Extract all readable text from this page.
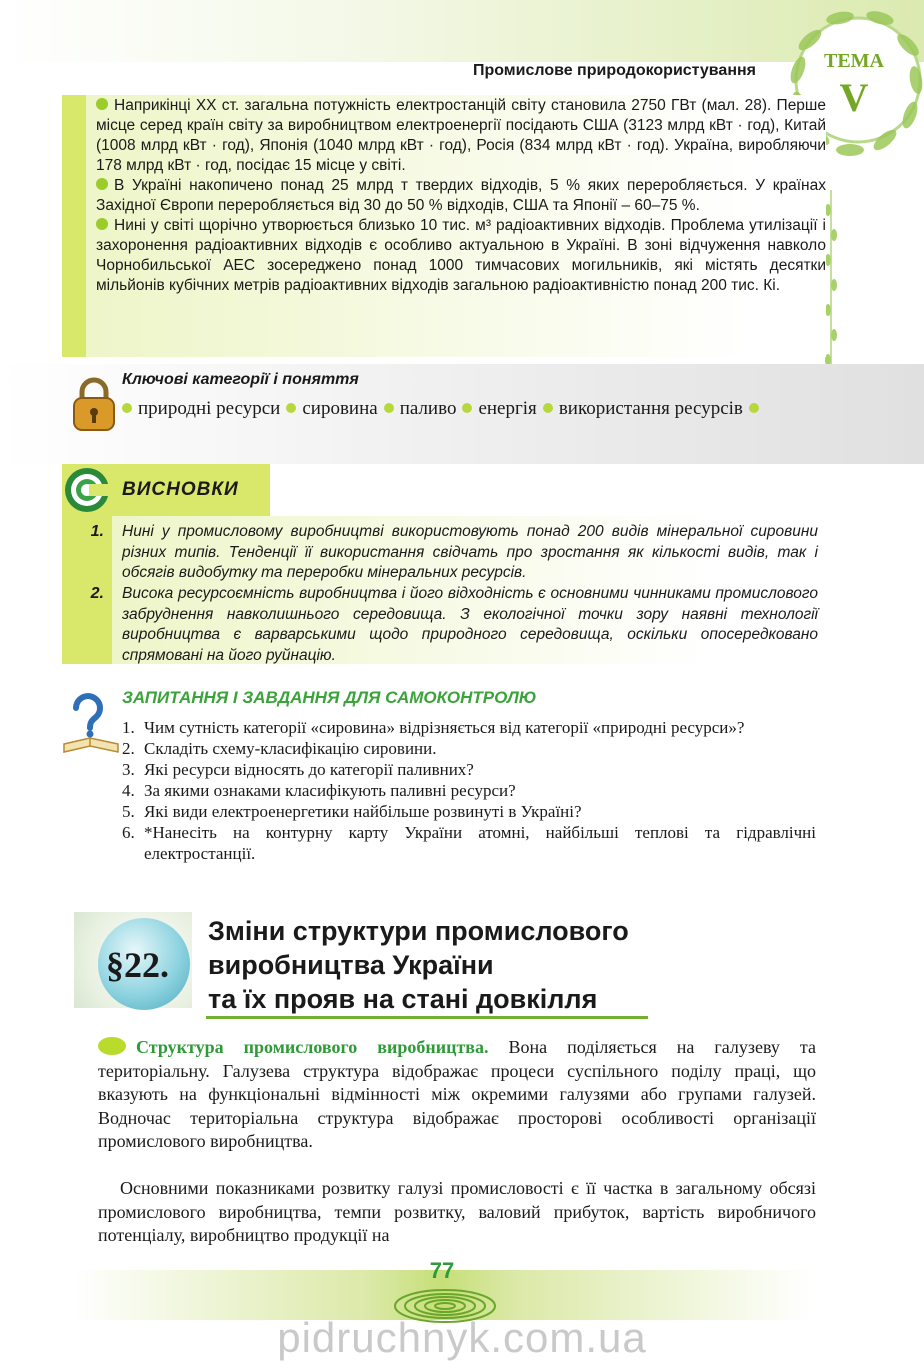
Промислове природокористування	ТЕМА
V

Наприкінці ХХ ст. загальна потужність електростанцій світу становила 2750 ГВт (мал. 28). Перше місце серед країн світу за виробництвом електроенергії посідають США (3123 млрд кВт · год), Китай (1008 млрд кВт · год), Японія (1040 млрд кВт · год), Росія (834 млрд кВт · год). Україна, виробляючи 178 млрд кВт · год, посідає 15 місце у світі.

В Україні накопичено понад 25 млрд т твердих відходів, 5 % яких переробляється. У країнах Західної Європи переробляється від 30 до 50 % відходів, США та Японії – 60–75 %.

Нині у світі щорічно утворюється близько 10 тис. м³ радіоактивних відходів. Проблема утилізації і захоронення радіоактивних відходів є особливо актуальною в Україні. В зоні відчуження навколо Чорнобильської АЕС зосереджено понад 1000 тимчасових могильників, які містять десятки мільйонів кубічних метрів радіоактивних відходів загальною радіоактивністю понад 200 тис. Кі.

Ключові категорії і поняття
природні ресурси сировина паливо енергія використання ресурсів
ВИСНОВКИ
1. Нині у промисловому виробництві використовують понад 200 видів мінеральної сировини різних типів. Тенденції її використання свідчать про зростання як кількості видів, так і обсягів видобутку та переробки мінеральних ресурсів.
2. Висока ресурсоємність виробництва і його відходність є основними чинниками промислового забруднення навколишнього середовища. З екологічної точки зору наявні технології виробництва є варварськими щодо природного середовища, оскільки опосередковано спрямовані на його руйнацію.
ЗАПИТАННЯ І ЗАВДАННЯ ДЛЯ САМОКОНТРОЛЮ
1. Чим сутність категорії «сировина» відрізняється від категорії «природні ресурси»?
2. Складіть схему-класифікацію сировини.
3. Які ресурси відносять до категорії паливних?
4. За якими ознаками класифікують паливні ресурси?
5. Які види електроенергетики найбільше розвинуті в Україні?
6. *Нанесіть на контурну карту України атомні, найбільші теплові та гідравлічні електростанції.
§22.
Зміни структури промислового
виробництва України
та їх прояв на стані довкілля
Структура промислового виробництва. Вона поділяється на галузеву та територіальну. Галузева структура відображає процеси суспільного поділу праці, що вказують на функціональні відмінності між окремими галузями або групами галузей. Водночас територіальна структура відображає просторові особливості організації промислового виробництва.
Основними показниками розвитку галузі промисловості є її частка в загальному обсязі промислового виробництва, темпи розвитку, валовий прибуток, вартість виробничого потенціалу, виробництво продукції на
77
pidruchnyk.com.ua
